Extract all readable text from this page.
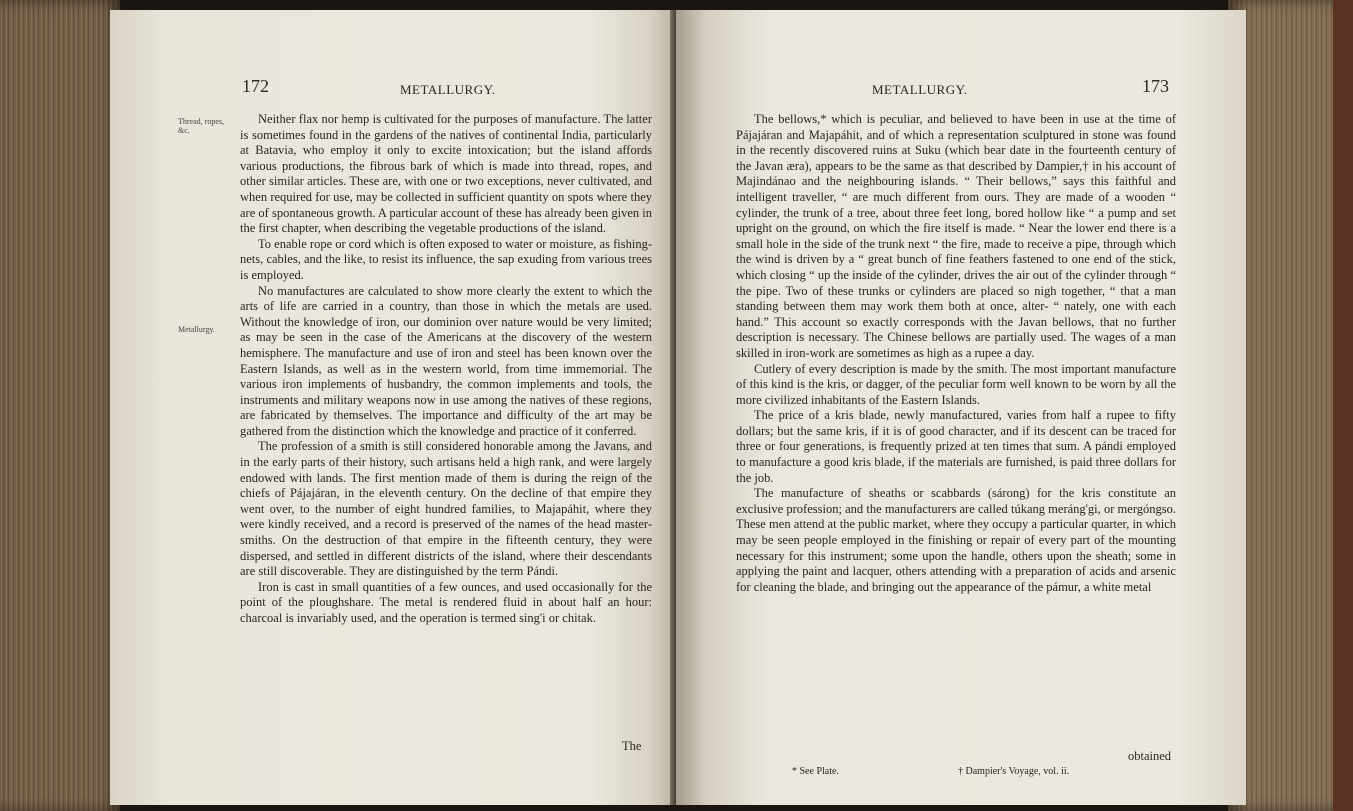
172	METALLURGY.
Thread, ropes, &c.
Metallurgy.

Neither flax nor hemp is cultivated for the purposes of manufacture. The latter is sometimes found in the gardens of the natives of continental India, particularly at Batavia, who employ it only to excite intoxication; but the island affords various productions, the fibrous bark of which is made into thread, ropes, and other similar articles. These are, with one or two exceptions, never cultivated, and when required for use, may be collected in sufficient quantity on spots where they are of spontaneous growth. A particular account of these has already been given in the first chapter, when describing the vegetable productions of the island.

To enable rope or cord which is often exposed to water or moisture, as fishing-nets, cables, and the like, to resist its influence, the sap exuding from various trees is employed.

No manufactures are calculated to show more clearly the extent to which the arts of life are carried in a country, than those in which the metals are used. Without the knowledge of iron, our dominion over nature would be very limited; as may be seen in the case of the Americans at the discovery of the western hemisphere. The manufacture and use of iron and steel has been known over the Eastern Islands, as well as in the western world, from time immemorial. The various iron implements of husbandry, the common implements and tools, the instruments and military weapons now in use among the natives of these regions, are fabricated by themselves. The importance and difficulty of the art may be gathered from the distinction which the knowledge and practice of it conferred.

The profession of a smith is still considered honorable among the Javans, and in the early parts of their history, such artisans held a high rank, and were largely endowed with lands. The first mention made of them is during the reign of the chiefs of Pájajáran, in the eleventh century. On the decline of that empire they went over, to the number of eight hundred families, to Majapáhit, where they were kindly received, and a record is preserved of the names of the head master-smiths. On the destruction of that empire in the fifteenth century, they were dispersed, and settled in different districts of the island, where their descendants are still discoverable. They are distinguished by the term Pándi.

Iron is cast in small quantities of a few ounces, and used occasionally for the point of the ploughshare. The metal is rendered fluid in about half an hour: charcoal is invariably used, and the operation is termed sing'i or chitak.

The
METALLURGY.	173

The bellows,* which is peculiar, and believed to have been in use at the time of Pájajáran and Majapáhit, and of which a representation sculptured in stone was found in the recently discovered ruins at Suku (which bear date in the fourteenth century of the Javan æra), appears to be the same as that described by Dampier,† in his account of Majindánao and the neighbouring islands. “ Their bellows,” says this faithful and intelligent traveller, “ are much different from ours. They are made of a wooden “ cylinder, the trunk of a tree, about three feet long, bored hollow like “ a pump and set upright on the ground, on which the fire itself is made. “ Near the lower end there is a small hole in the side of the trunk next “ the fire, made to receive a pipe, through which the wind is driven by a “ great bunch of fine feathers fastened to one end of the stick, which closing “ up the inside of the cylinder, drives the air out of the cylinder through “ the pipe. Two of these trunks or cylinders are placed so nigh together, “ that a man standing between them may work them both at once, alter- “ nately, one with each hand.” This account so exactly corresponds with the Javan bellows, that no further description is necessary. The Chinese bellows are partially used. The wages of a man skilled in iron-work are sometimes as high as a rupee a day.

Cutlery of every description is made by the smith. The most important manufacture of this kind is the kris, or dagger, of the peculiar form well known to be worn by all the more civilized inhabitants of the Eastern Islands.

The price of a kris blade, newly manufactured, varies from half a rupee to fifty dollars; but the same kris, if it is of good character, and if its descent can be traced for three or four generations, is frequently prized at ten times that sum. A pándi employed to manufacture a good kris blade, if the materials are furnished, is paid three dollars for the job.

The manufacture of sheaths or scabbards (sárong) for the kris constitute an exclusive profession; and the manufacturers are called túkang meráng'gi, or mergóngso. These men attend at the public market, where they occupy a particular quarter, in which may be seen people employed in the finishing or repair of every part of the mounting necessary for this instrument; some upon the handle, others upon the sheath; some in applying the paint and lacquer, others attending with a preparation of acids and arsenic for cleaning the blade, and bringing out the appearance of the pámur, a white metal

obtained
* See Plate.	† Dampier's Voyage, vol. ii.
